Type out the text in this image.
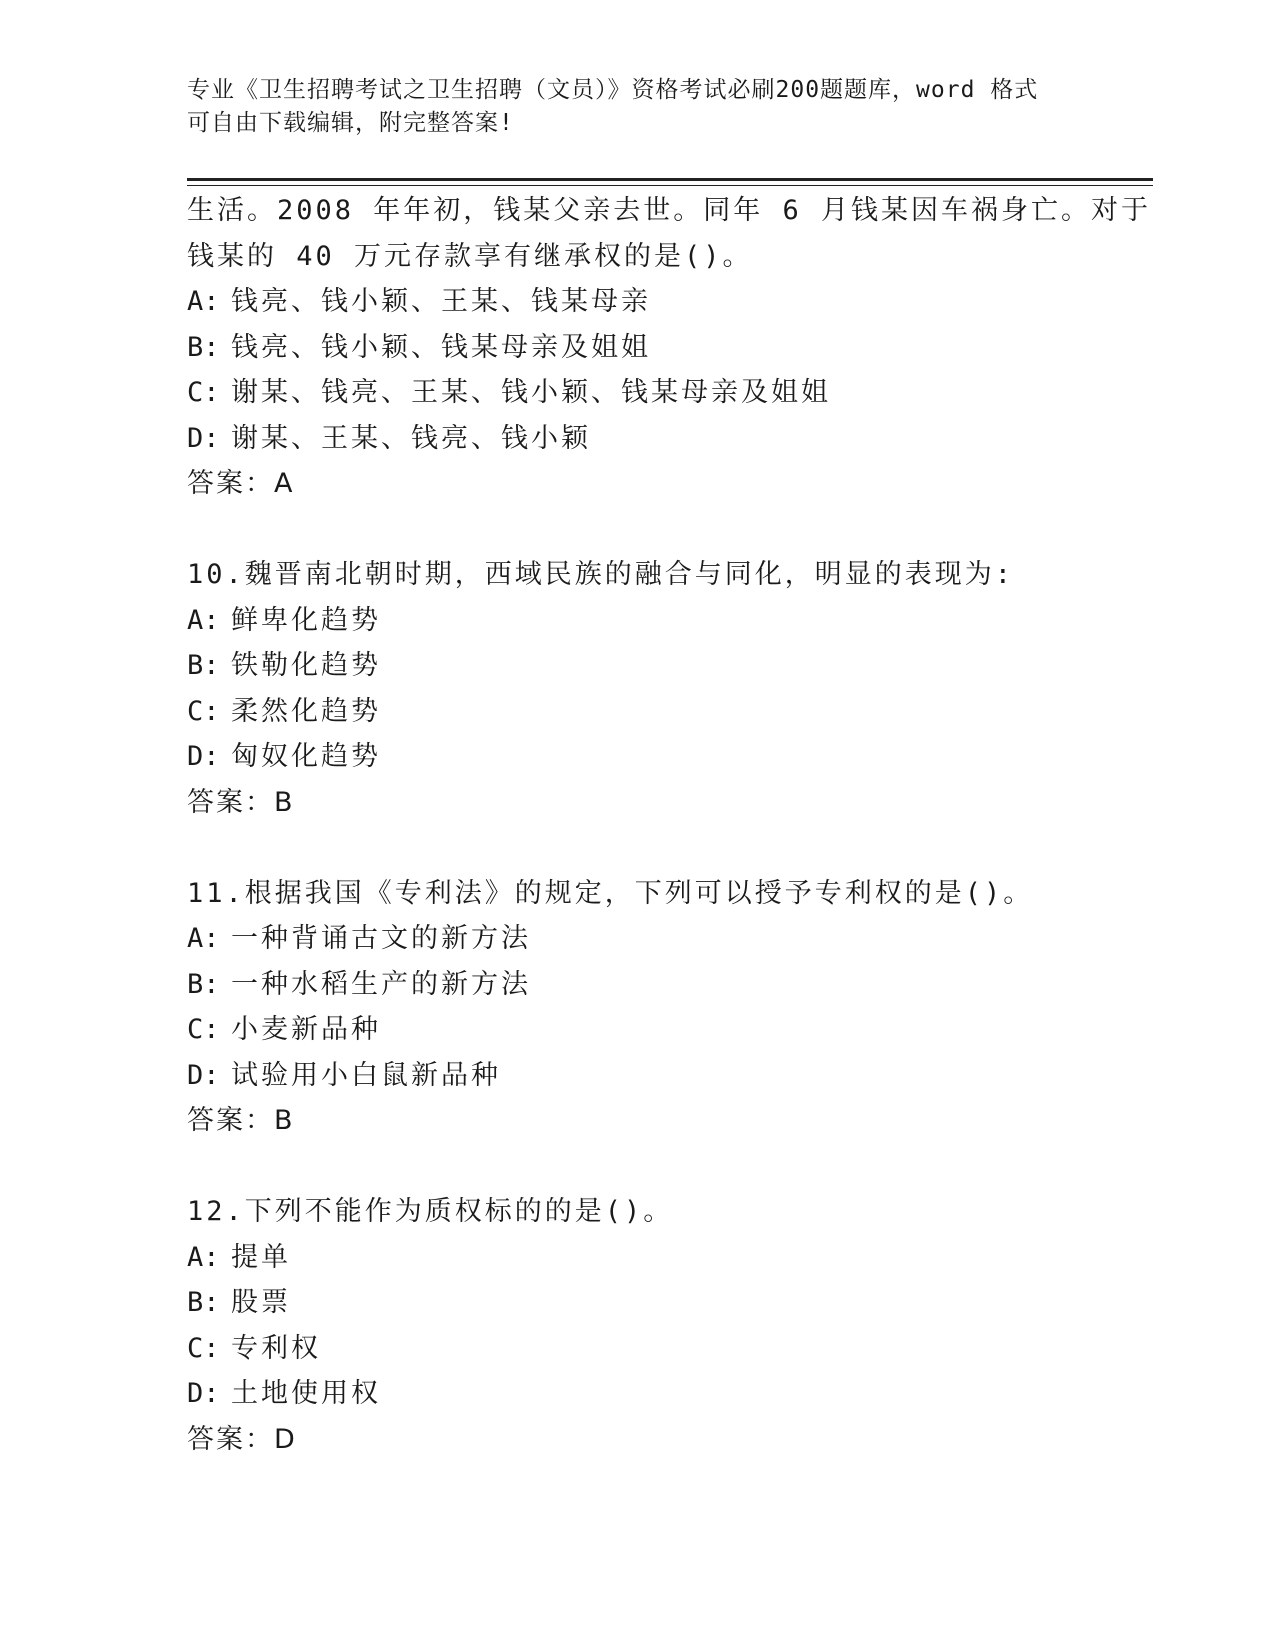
专业《卫生招聘考试之卫生招聘（文员）》资格考试必刷200题题库，word 格式
可自由下载编辑，附完整答案!
生活。2008 年年初，钱某父亲去世。同年 6 月钱某因车祸身亡。对于
钱某的 40 万元存款享有继承权的是()。
A: 钱亮、钱小颖、王某、钱某母亲
B: 钱亮、钱小颖、钱某母亲及姐姐
C: 谢某、钱亮、王某、钱小颖、钱某母亲及姐姐
D: 谢某、王某、钱亮、钱小颖
答案：A
10.魏晋南北朝时期，西域民族的融合与同化，明显的表现为:
A: 鲜卑化趋势
B: 铁勒化趋势
C: 柔然化趋势
D: 匈奴化趋势
答案：B
11.根据我国《专利法》的规定，下列可以授予专利权的是()。
A: 一种背诵古文的新方法
B: 一种水稻生产的新方法
C: 小麦新品种
D: 试验用小白鼠新品种
答案：B
12.下列不能作为质权标的的是()。
A: 提单
B: 股票
C: 专利权
D: 土地使用权
答案：D
